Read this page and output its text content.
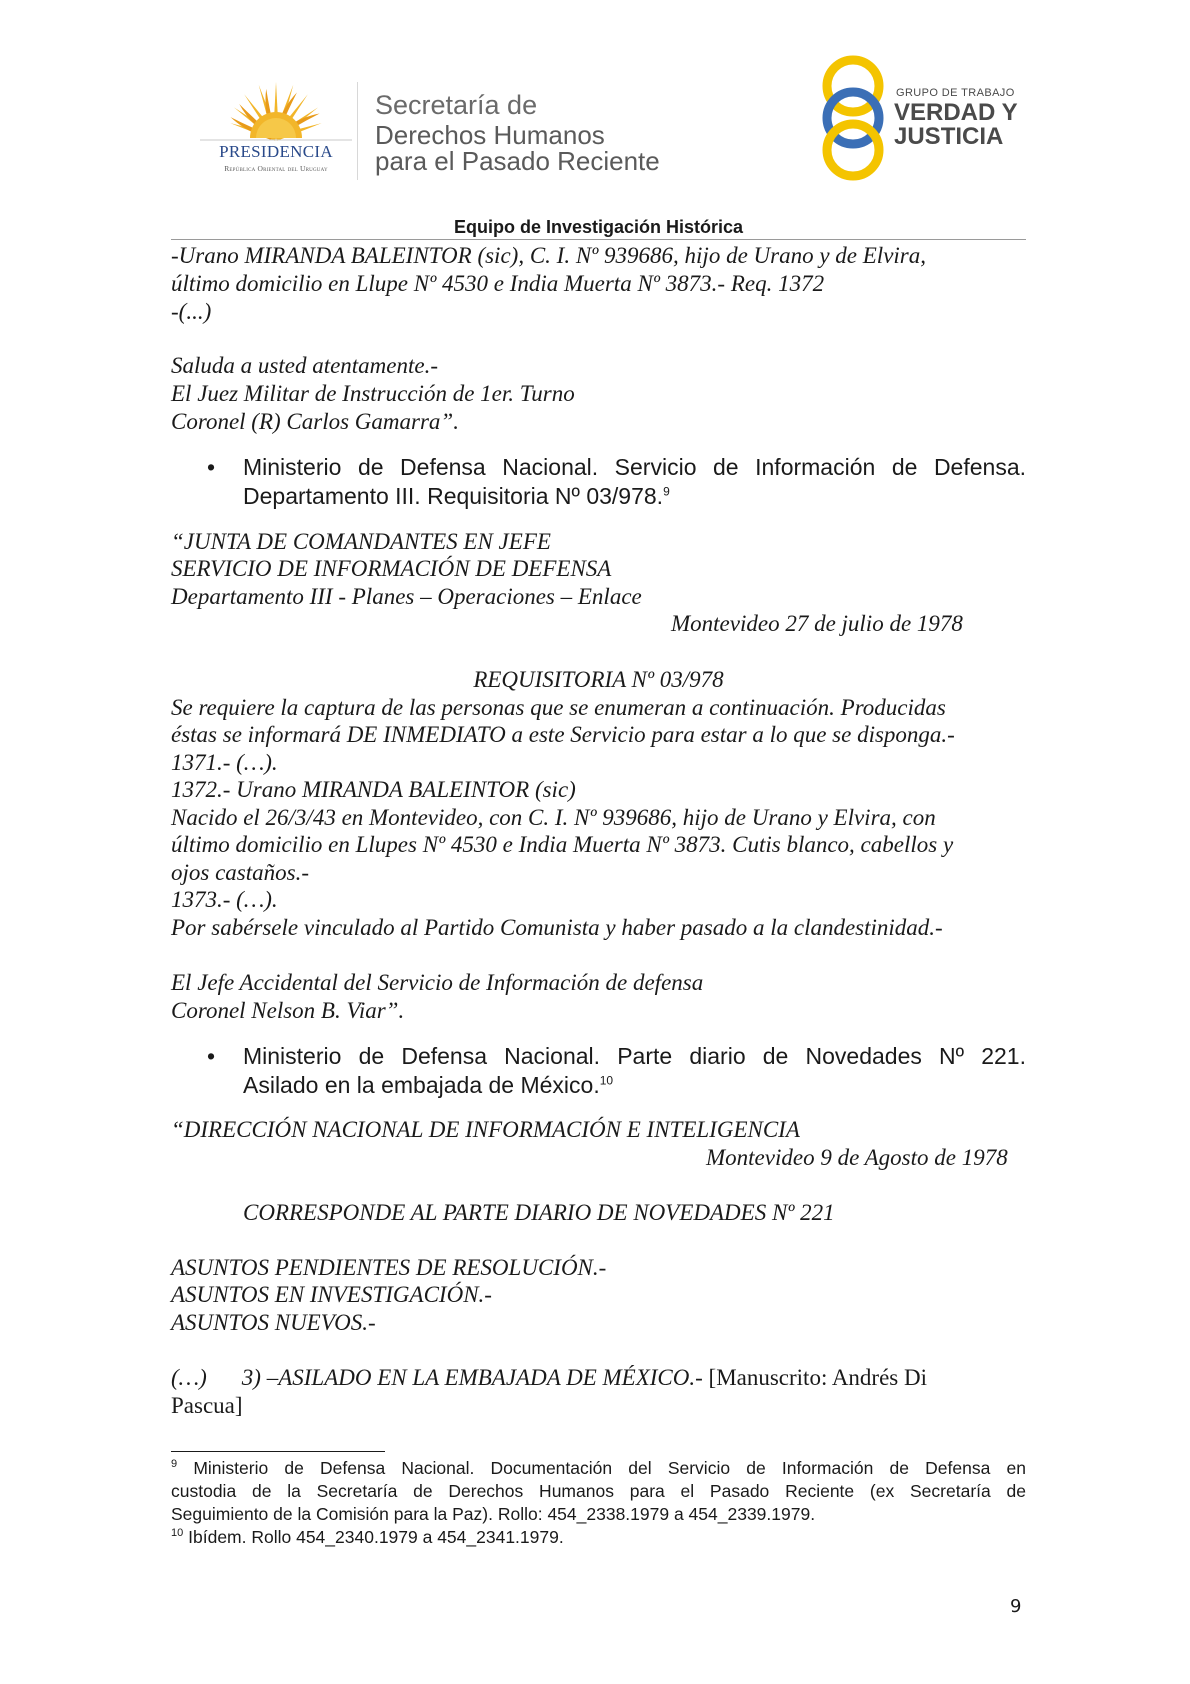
PRESIDENCIA
República Oriental del Uruguay
Secretaría de
Derechos Humanos
para el Pasado Reciente
GRUPO DE TRABAJO
VERDAD Y
JUSTICIA
Equipo de Investigación Histórica
-Urano MIRANDA BALEINTOR (sic), C. I. Nº 939686, hijo de Urano y de Elvira,
último domicilio en Llupe Nº 4530 e India Muerta Nº 3873.- Req. 1372
-(...)
Saluda a usted atentamente.-
El Juez Militar de Instrucción de 1er. Turno
Coronel (R) Carlos Gamarra”.
• Ministerio de Defensa Nacional. Servicio de Información de Defensa.
Departamento III. Requisitoria Nº 03/978.$^9$
“JUNTA DE COMANDANTES EN JEFE
SERVICIO DE INFORMACIÓN DE DEFENSA
Departamento III - Planes – Operaciones – Enlace
Montevideo 27 de julio de 1978
REQUISITORIA Nº 03/978
Se requiere la captura de las personas que se enumeran a continuación. Producidas
éstas se informará DE INMEDIATO a este Servicio para estar a lo que se disponga.-
1371.- (…).
1372.- Urano MIRANDA BALEINTOR (sic)
Nacido el 26/3/43 en Montevideo, con C. I. Nº 939686, hijo de Urano y Elvira, con
último domicilio en Llupes Nº 4530 e India Muerta Nº 3873. Cutis blanco, cabellos y
ojos castaños.-
1373.- (…).
Por sabérsele vinculado al Partido Comunista y haber pasado a la clandestinidad.-
El Jefe Accidental del Servicio de Información de defensa
Coronel Nelson B. Viar”.
• Ministerio de Defensa Nacional. Parte diario de Novedades Nº 221.
Asilado en la embajada de México.$^{10}$
“DIRECCIÓN NACIONAL DE INFORMACIÓN E INTELIGENCIA
Montevideo 9 de Agosto de 1978
CORRESPONDE AL PARTE DIARIO DE NOVEDADES Nº 221
ASUNTOS PENDIENTES DE RESOLUCIÓN.-
ASUNTOS EN INVESTIGACIÓN.-
ASUNTOS NUEVOS.-
(…) 3) –ASILADO EN LA EMBAJADA DE MÉXICO.- [Manuscrito: Andrés Di
Pascua]
$^9$ Ministerio de Defensa Nacional. Documentación del Servicio de Información de Defensa en
custodia de la Secretaría de Derechos Humanos para el Pasado Reciente (ex Secretaría de
Seguimiento de la Comisión para la Paz). Rollo: 454_2338.1979 a 454_2339.1979.
$^{10}$ Ibídem. Rollo 454_2340.1979 a 454_2341.1979.
9
